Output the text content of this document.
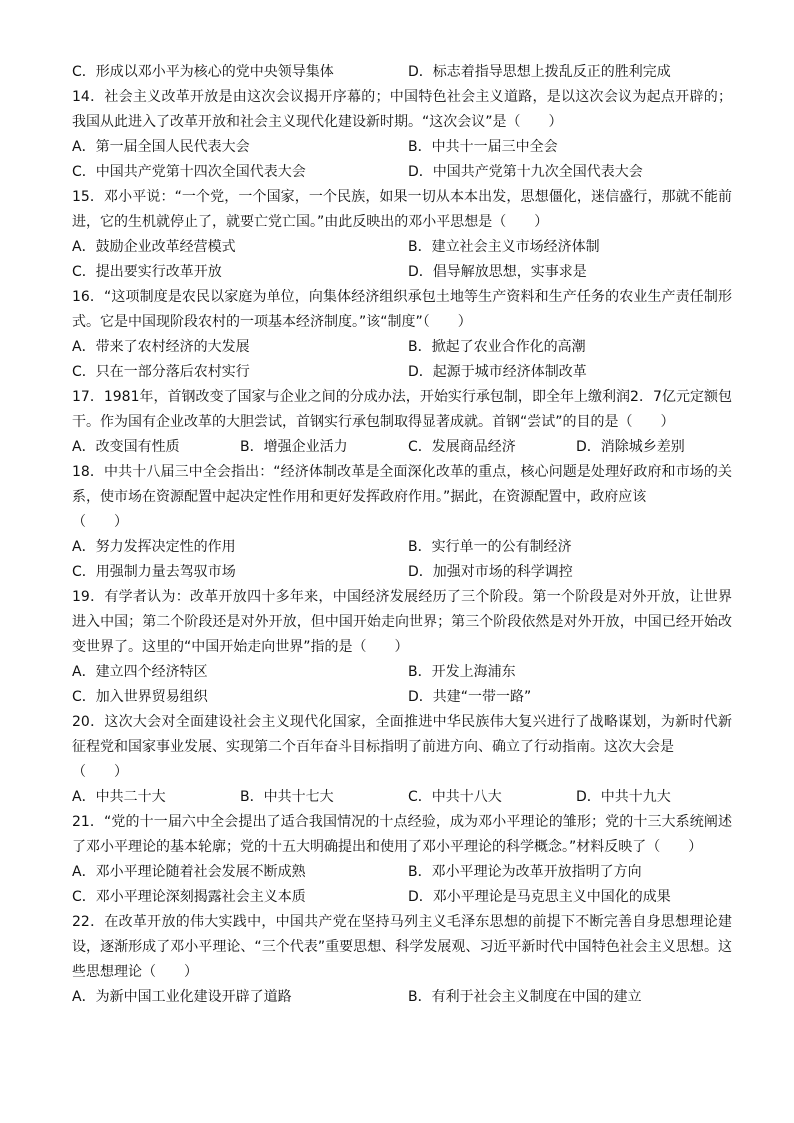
C．形成以邓小平为核心的党中央领导集体	D．标志着指导思想上拨乱反正的胜利完成
14．社会主义改革开放是由这次会议揭开序幕的；中国特色社会主义道路，是以这次会议为起点开辟的；我国从此进入了改革开放和社会主义现代化建设新时期。“这次会议”是（　　）
A．第一届全国人民代表大会	B．中共十一届三中全会
C．中国共产党第十四次全国代表大会	D．中国共产党第十九次全国代表大会
15．邓小平说：“一个党，一个国家，一个民族，如果一切从本本出发，思想僵化，迷信盛行，那就不能前进，它的生机就停止了，就要亡党亡国。”由此反映出的邓小平思想是（　　）
A．鼓励企业改革经营模式	B．建立社会主义市场经济体制
C．提出要实行改革开放	D．倡导解放思想，实事求是
16．“这项制度是农民以家庭为单位，向集体经济组织承包土地等生产资料和生产任务的农业生产责任制形式。它是中国现阶段农村的一项基本经济制度。”该“制度”（　　）
A．带来了农村经济的大发展	B．掀起了农业合作化的高潮
C．只在一部分落后农村实行	D．起源于城市经济体制改革
17．1981年，首钢改变了国家与企业之间的分成办法，开始实行承包制，即全年上缴利润2．7亿元定额包干。作为国有企业改革的大胆尝试，首钢实行承包制取得显著成就。首钢“尝试”的目的是（　　）
A．改变国有性质	B．增强企业活力	C．发展商品经济	D．消除城乡差别
18．中共十八届三中全会指出：“经济体制改革是全面深化改革的重点，核心问题是处理好政府和市场的关系，使市场在资源配置中起决定性作用和更好发挥政府作用。”据此，在资源配置中，政府应该
（　　）
A．努力发挥决定性的作用	B．实行单一的公有制经济
C．用强制力量去驾驭市场	D．加强对市场的科学调控
19．有学者认为：改革开放四十多年来，中国经济发展经历了三个阶段。第一个阶段是对外开放，让世界进入中国；第二个阶段还是对外开放，但中国开始走向世界；第三个阶段依然是对外开放，中国已经开始改变世界了。这里的“中国开始走向世界”指的是（　　）
A．建立四个经济特区	B．开发上海浦东
C．加入世界贸易组织	D．共建“一带一路”
20．这次大会对全面建设社会主义现代化国家，全面推进中华民族伟大复兴进行了战略谋划，为新时代新征程党和国家事业发展、实现第二个百年奋斗目标指明了前进方向、确立了行动指南。这次大会是
（　　）
A．中共二十大	B．中共十七大	C．中共十八大	D．中共十九大
21．“党的十一届六中全会提出了适合我国情况的十点经验，成为邓小平理论的雏形；党的十三大系统阐述了邓小平理论的基本轮廓；党的十五大明确提出和使用了邓小平理论的科学概念。”材料反映了（　　）
A．邓小平理论随着社会发展不断成熟	B．邓小平理论为改革开放指明了方向
C．邓小平理论深刻揭露社会主义本质	D．邓小平理论是马克思主义中国化的成果
22．在改革开放的伟大实践中，中国共产党在坚持马列主义毛泽东思想的前提下不断完善自身思想理论建设，逐渐形成了邓小平理论、“三个代表”重要思想、科学发展观、习近平新时代中国特色社会主义思想。这些思想理论（　　）
A．为新中国工业化建设开辟了道路	B．有利于社会主义制度在中国的建立
